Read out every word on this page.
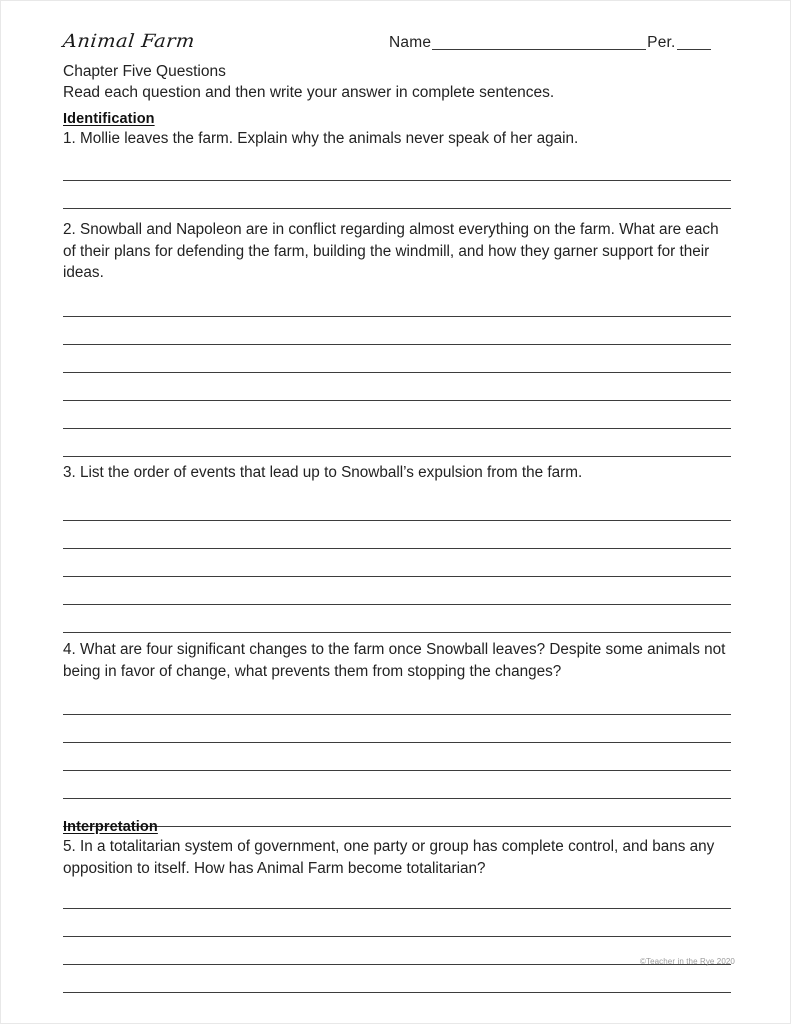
Animal Farm	Name	Per.
Chapter Five Questions
Read each question and then write your answer in complete sentences.
Identification
1. Mollie leaves the farm. Explain why the animals never speak of her again.
2. Snowball and Napoleon are in conflict regarding almost everything on the farm. What are each of their plans for defending the farm, building the windmill, and how they garner support for their ideas.
3. List the order of events that lead up to Snowball’s expulsion from the farm.
4. What are four significant changes to the farm once Snowball leaves? Despite some animals not being in favor of change, what prevents them from stopping the changes?
Interpretation
5. In a totalitarian system of government, one party or group has complete control, and bans any opposition to itself. How has Animal Farm become totalitarian?
©Teacher in the Rye 2020
